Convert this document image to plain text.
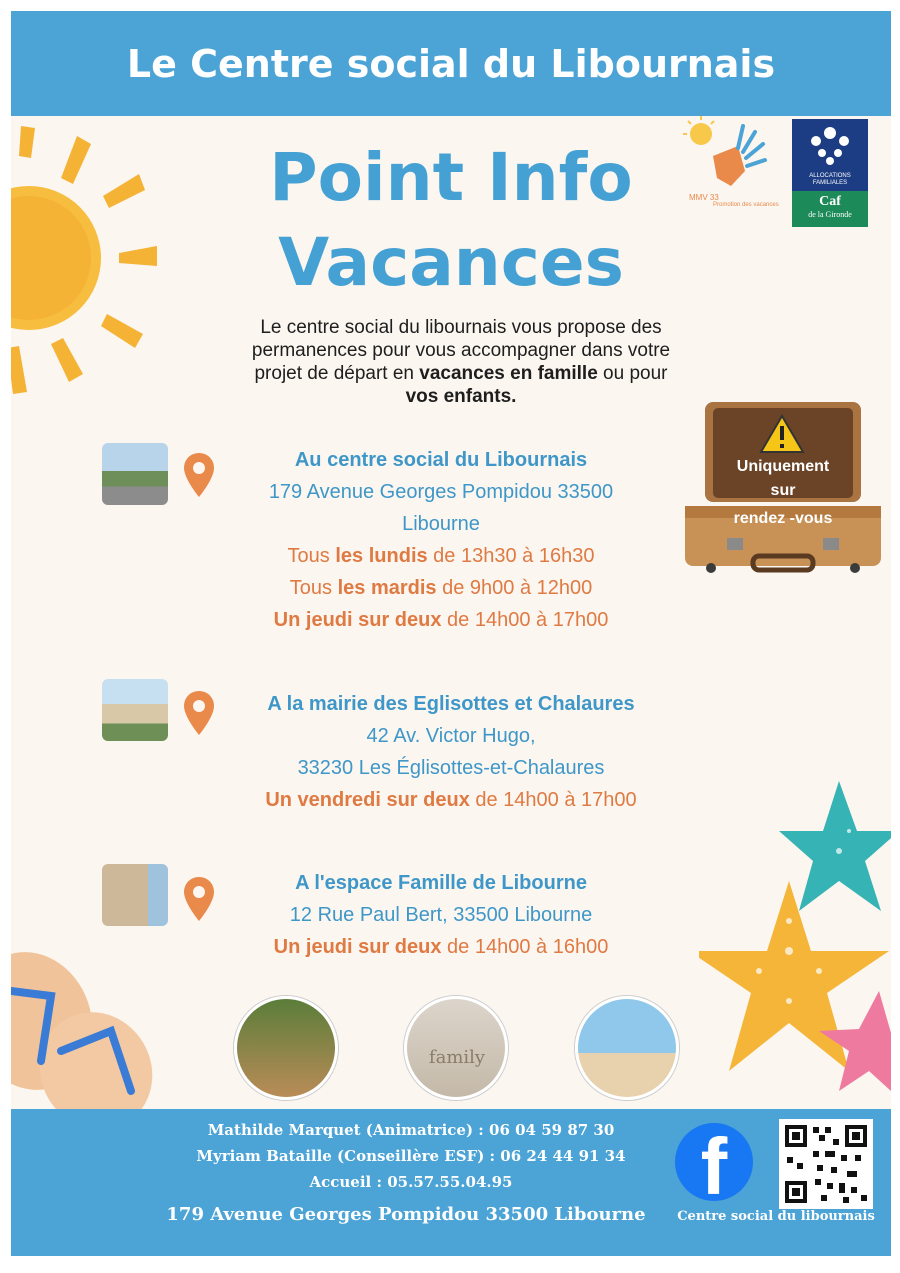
Le Centre social du Libournais
Point Info
Vacances
MMV 33
Promotion des vacances
ALLOCATIONS FAMILIALES
Caf
de la Gironde
Le centre social du libournais vous propose des
permanences pour vous accompagner dans votre
projet de départ en vacances en famille ou pour
vos enfants.
Uniquement
sur
rendez -vous
Au centre social du Libournais
179 Avenue Georges Pompidou 33500
Libourne
Tous les lundis de 13h30 à 16h30
Tous les mardis de 9h00 à 12h00
Un jeudi sur deux de 14h00 à 17h00
A la mairie des Eglisottes et Chalaures
42 Av. Victor Hugo,
33230 Les Églisottes-et-Chalaures
Un vendredi sur deux de 14h00 à 17h00
A l'espace Famille de Libourne
12 Rue Paul Bert, 33500 Libourne
Un jeudi sur deux de 14h00 à 16h00
family
Mathilde Marquet (Animatrice) : 06 04 59 87 30
Myriam Bataille (Conseillère ESF) : 06 24 44 91 34
Accueil : 05.57.55.04.95
179 Avenue Georges Pompidou 33500 Libourne
f
Centre social du libournais
